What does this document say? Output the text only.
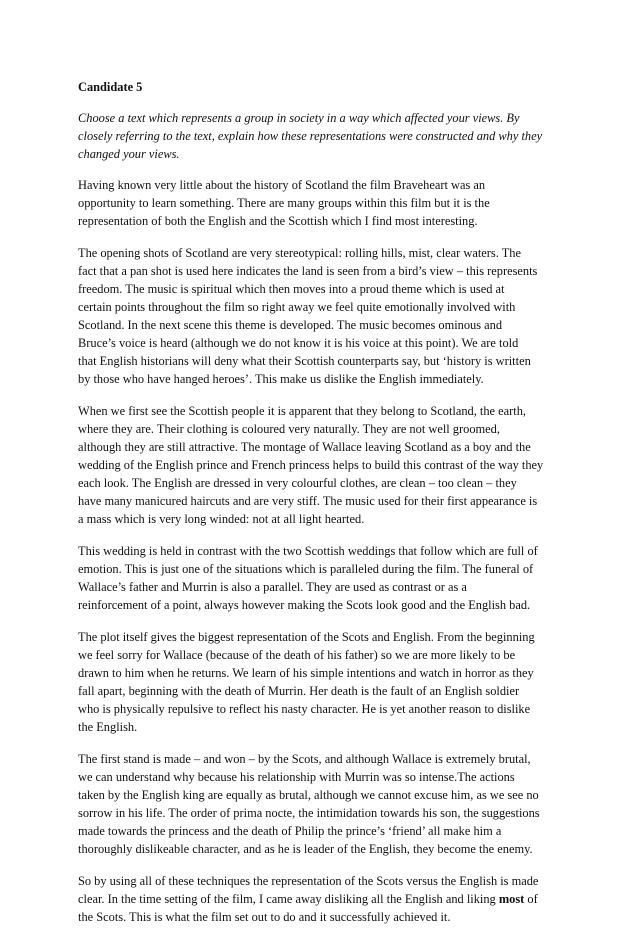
Candidate 5
Choose a text which represents a group in society in a way which affected your views. By
closely referring to the text, explain how these representations were constructed and why they
changed your views.
Having known very little about the history of Scotland the film Braveheart was an
opportunity to learn something. There are many groups within this film but it is the
representation of both the English and the Scottish which I find most interesting.
The opening shots of Scotland are very stereotypical: rolling hills, mist, clear waters. The
fact that a pan shot is used here indicates the land is seen from a bird’s view – this represents
freedom. The music is spiritual which then moves into a proud theme which is used at
certain points throughout the film so right away we feel quite emotionally involved with
Scotland. In the next scene this theme is developed. The music becomes ominous and
Bruce’s voice is heard (although we do not know it is his voice at this point). We are told
that English historians will deny what their Scottish counterparts say, but ‘history is written
by those who have hanged heroes’. This make us dislike the English immediately.
When we first see the Scottish people it is apparent that they belong to Scotland, the earth,
where they are. Their clothing is coloured very naturally. They are not well groomed,
although they are still attractive. The montage of Wallace leaving Scotland as a boy and the
wedding of the English prince and French princess helps to build this contrast of the way they
each look. The English are dressed in very colourful clothes, are clean – too clean – they
have many manicured haircuts and are very stiff. The music used for their first appearance is
a mass which is very long winded: not at all light hearted.
This wedding is held in contrast with the two Scottish weddings that follow which are full of
emotion. This is just one of the situations which is paralleled during the film. The funeral of
Wallace’s father and Murrin is also a parallel. They are used as contrast or as a
reinforcement of a point, always however making the Scots look good and the English bad.
The plot itself gives the biggest representation of the Scots and English. From the beginning
we feel sorry for Wallace (because of the death of his father) so we are more likely to be
drawn to him when he returns. We learn of his simple intentions and watch in horror as they
fall apart, beginning with the death of Murrin. Her death is the fault of an English soldier
who is physically repulsive to reflect his nasty character. He is yet another reason to dislike
the English.
The first stand is made – and won – by the Scots, and although Wallace is extremely brutal,
we can understand why because his relationship with Murrin was so intense.The actions
taken by the English king are equally as brutal, although we cannot excuse him, as we see no
sorrow in his life. The order of prima nocte, the intimidation towards his son, the suggestions
made towards the princess and the death of Philip the prince’s ‘friend’ all make him a
thoroughly dislikeable character, and as he is leader of the English, they become the enemy.
So by using all of these techniques the representation of the Scots versus the English is made
clear. In the time setting of the film, I came away disliking all the English and liking most of
the Scots. This is what the film set out to do and it successfully achieved it.
